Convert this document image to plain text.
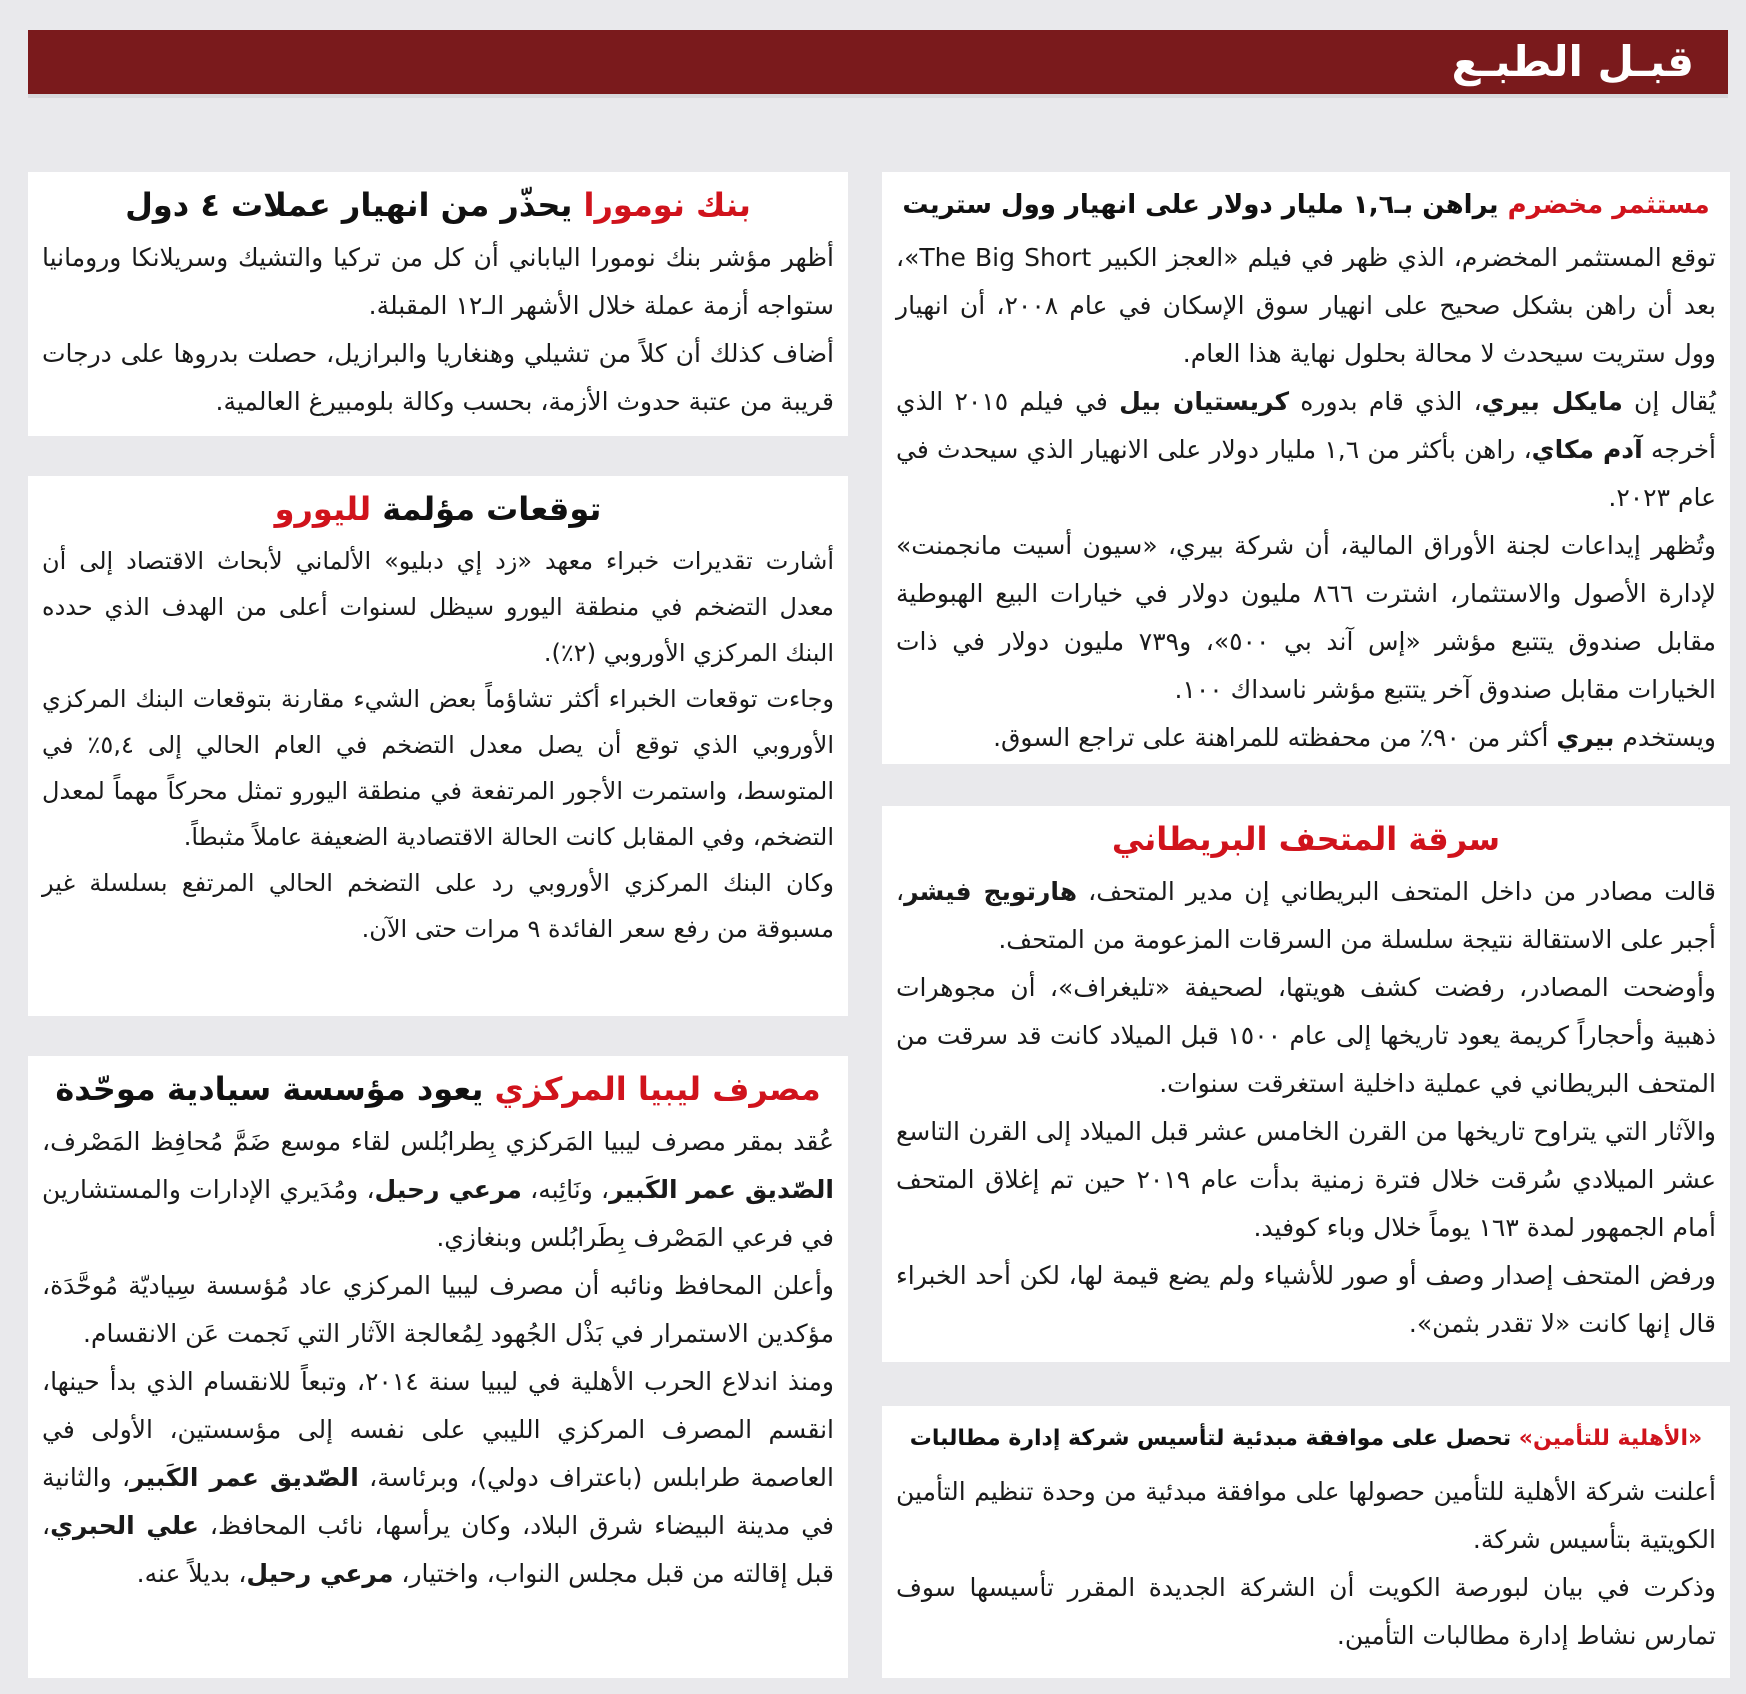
قبـل الطبـع
مستثمر مخضرم يراهن بـ١,٦ مليار دولار على انهيار وول ستريت

توقع المستثمر المخضرم، الذي ظهر في فيلم «العجز الكبير The Big Short»، بعد أن راهن بشكل صحيح على انهيار سوق الإسكان في عام ٢٠٠٨، أن انهيار وول ستريت سيحدث لا محالة بحلول نهاية هذا العام.

يُقال إن مايكل بيري، الذي قام بدوره كريستيان بيل في فيلم ٢٠١٥ الذي أخرجه آدم مكاي، راهن بأكثر من ١,٦ مليار دولار على الانهيار الذي سيحدث في عام ٢٠٢٣.

وتُظهر إيداعات لجنة الأوراق المالية، أن شركة بيري، «سيون أسيت مانجمنت» لإدارة الأصول والاستثمار، اشترت ٨٦٦ مليون دولار في خيارات البيع الهبوطية مقابل صندوق يتتبع مؤشر «إس آند بي ٥٠٠»، و٧٣٩ مليون دولار في ذات الخيارات مقابل صندوق آخر يتتبع مؤشر ناسداك ١٠٠.

ويستخدم بيري أكثر من ٩٠٪ من محفظته للمراهنة على تراجع السوق.

سرقة المتحف البريطاني

قالت مصادر من داخل المتحف البريطاني إن مدير المتحف، هارتويج فيشر، أجبر على الاستقالة نتيجة سلسلة من السرقات المزعومة من المتحف.

وأوضحت المصادر، رفضت كشف هويتها، لصحيفة «تليغراف»، أن مجوهرات ذهبية وأحجاراً كريمة يعود تاريخها إلى عام ١٥٠٠ قبل الميلاد كانت قد سرقت من المتحف البريطاني في عملية داخلية استغرقت سنوات.

والآثار التي يتراوح تاريخها من القرن الخامس عشر قبل الميلاد إلى القرن التاسع عشر الميلادي سُرقت خلال فترة زمنية بدأت عام ٢٠١٩ حين تم إغلاق المتحف أمام الجمهور لمدة ١٦٣ يوماً خلال وباء كوفيد.

ورفض المتحف إصدار وصف أو صور للأشياء ولم يضع قيمة لها، لكن أحد الخبراء قال إنها كانت «لا تقدر بثمن».

«الأهلية للتأمين» تحصل على موافقة مبدئية لتأسيس شركة إدارة مطالبات

أعلنت شركة الأهلية للتأمين حصولها على موافقة مبدئية من وحدة تنظيم التأمين الكويتية بتأسيس شركة.

وذكرت في بيان لبورصة الكويت أن الشركة الجديدة المقرر تأسيسها سوف تمارس نشاط إدارة مطالبات التأمين.

بنك نومورا يحذّر من انهيار عملات ٤ دول

أظهر مؤشر بنك نومورا الياباني أن كل من تركيا والتشيك وسريلانكا ورومانيا ستواجه أزمة عملة خلال الأشهر الـ١٢ المقبلة.

أضاف كذلك أن كلاً من تشيلي وهنغاريا والبرازيل، حصلت بدروها على درجات قريبة من عتبة حدوث الأزمة، بحسب وكالة بلومبيرغ العالمية.

توقعات مؤلمة لليورو

أشارت تقديرات خبراء معهد «زد إي دبليو» الألماني لأبحاث الاقتصاد إلى أن معدل التضخم في منطقة اليورو سيظل لسنوات أعلى من الهدف الذي حدده البنك المركزي الأوروبي (٢٪).

وجاءت توقعات الخبراء أكثر تشاؤماً بعض الشيء مقارنة بتوقعات البنك المركزي الأوروبي الذي توقع أن يصل معدل التضخم في العام الحالي إلى ٥,٤٪ في المتوسط، واستمرت الأجور المرتفعة في منطقة اليورو تمثل محركاً مهماً لمعدل التضخم، وفي المقابل كانت الحالة الاقتصادية الضعيفة عاملاً مثبطاً.

وكان البنك المركزي الأوروبي رد على التضخم الحالي المرتفع بسلسلة غير مسبوقة من رفع سعر الفائدة ٩ مرات حتى الآن.

مصرف ليبيا المركزي يعود مؤسسة سيادية موحّدة

عُقد بمقر مصرف ليبيا المَركزي بِطرابُلس لقاء موسع ضَمَّ مُحافِظ المَصْرف، الصّديق عمر الكَبير، ونَائِبه، مرعي رحيل، ومُدَيري الإدارات والمستشارين في فرعي المَصْرف بِطَرابُلس وبنغازي.

وأعلن المحافظ ونائبه أن مصرف ليبيا المركزي عاد مُؤسسة سِياديّة مُوحَّدَة، مؤكدين الاستمرار في بَذْل الجُهود لِمُعالجة الآثار التي نَجمت عَن الانقسام.

ومنذ اندلاع الحرب الأهلية في ليبيا سنة ٢٠١٤، وتبعاً للانقسام الذي بدأ حينها، انقسم المصرف المركزي الليبي على نفسه إلى مؤسستين، الأولى في العاصمة طرابلس (باعتراف دولي)، وبرئاسة، الصّديق عمر الكَبير، والثانية في مدينة البيضاء شرق البلاد، وكان يرأسها، نائب المحافظ، علي الحبري، قبل إقالته من قبل مجلس النواب، واختيار، مرعي رحيل، بديلاً عنه.
